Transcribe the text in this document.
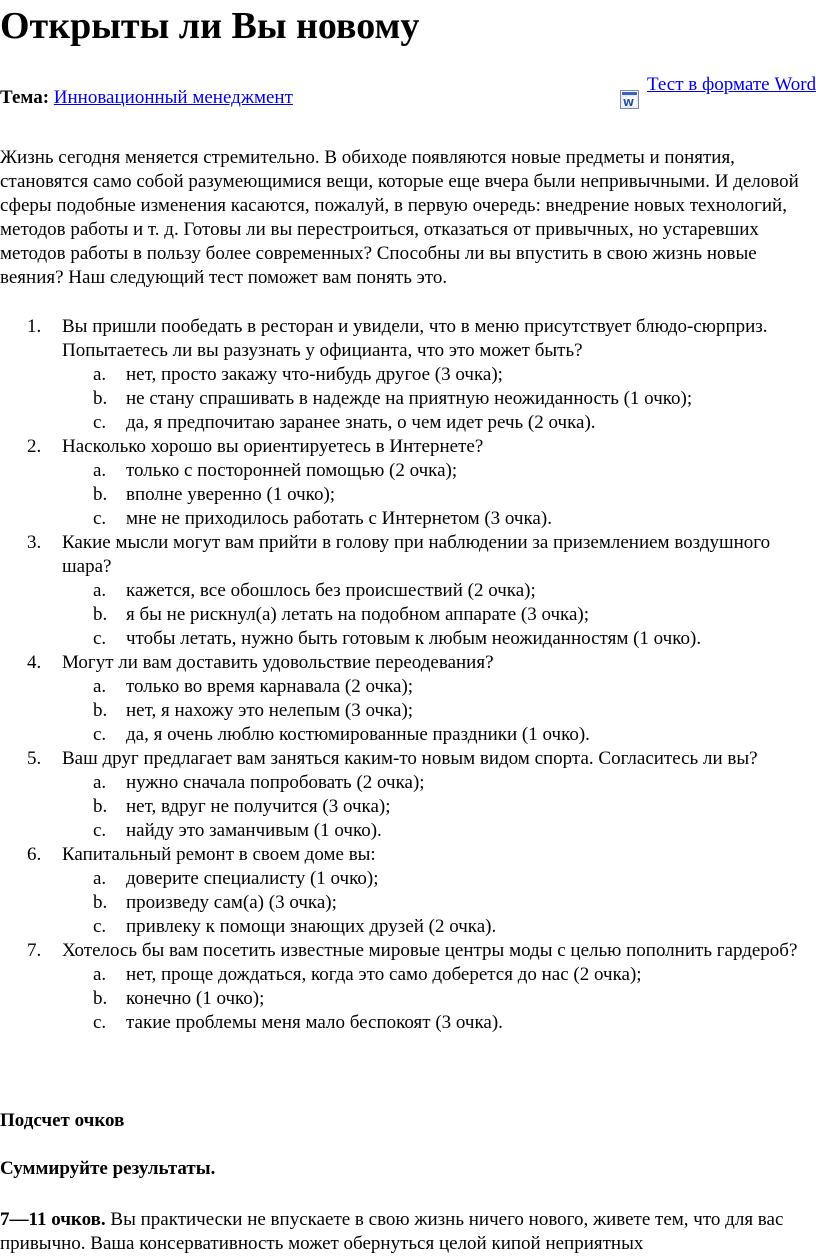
Открыты ли Вы новому
Тема: Инновационный менеджмент	W
Тест в формате Word

Жизнь сегодня меняется стремительно. В обиходе появляются новые предметы и понятия, становятся само собой разумеющимися вещи, которые еще вчера были непривычными. И деловой сферы подобные изменения касаются, пожалуй, в первую очередь: внедрение новых технологий, методов работы и т. д. Готовы ли вы перестроиться, отказаться от привычных, но устаревших методов работы в пользу более современных? Способны ли вы впустить в свою жизнь новые веяния? Наш следующий тест поможет вам понять это.

1. Вы пришли пообедать в ресторан и увидели, что в меню присутствует блюдо-сюрприз. Попытаетесь ли вы разузнать у официанта, что это может быть?
a. нет, просто закажу что-нибудь другое (3 очка);
b. не стану спрашивать в надежде на приятную неожиданность (1 очко);
c. да, я предпочитаю заранее знать, о чем идет речь (2 очка).
2. Насколько хорошо вы ориентируетесь в Интернете?
a. только с посторонней помощью (2 очка);
b. вполне уверенно (1 очко);
c. мне не приходилось работать с Интернетом (3 очка).
3. Какие мысли могут вам прийти в голову при наблюдении за приземлением воздушного шара?
a. кажется, все обошлось без происшествий (2 очка);
b. я бы не рискнул(а) летать на подобном аппарате (3 очка);
c. чтобы летать, нужно быть готовым к любым неожиданностям (1 очко).
4. Могут ли вам доставить удовольствие переодевания?
a. только во время карнавала (2 очка);
b. нет, я нахожу это нелепым (3 очка);
c. да, я очень люблю костюмированные праздники (1 очко).
5. Ваш друг предлагает вам заняться каким-то новым видом спорта. Согласитесь ли вы?
a. нужно сначала попробовать (2 очка);
b. нет, вдруг не получится (3 очка);
c. найду это заманчивым (1 очко).
6. Капитальный ремонт в своем доме вы:
a. доверите специалисту (1 очко);
b. произведу сам(а) (3 очка);
c. привлеку к помощи знающих друзей (2 очка).
7. Хотелось бы вам посетить известные мировые центры моды с целью пополнить гардероб?
a. нет, проще дождаться, когда это само доберется до нас (2 очка);
b. конечно (1 очко);
c. такие проблемы меня мало беспокоят (3 очка).

Подсчет очков

Суммируйте результаты.

7—11 очков. Вы практически не впускаете в свою жизнь ничего нового, живете тем, что для вас привычно. Ваша консервативность может обернуться целой кипой неприятных
